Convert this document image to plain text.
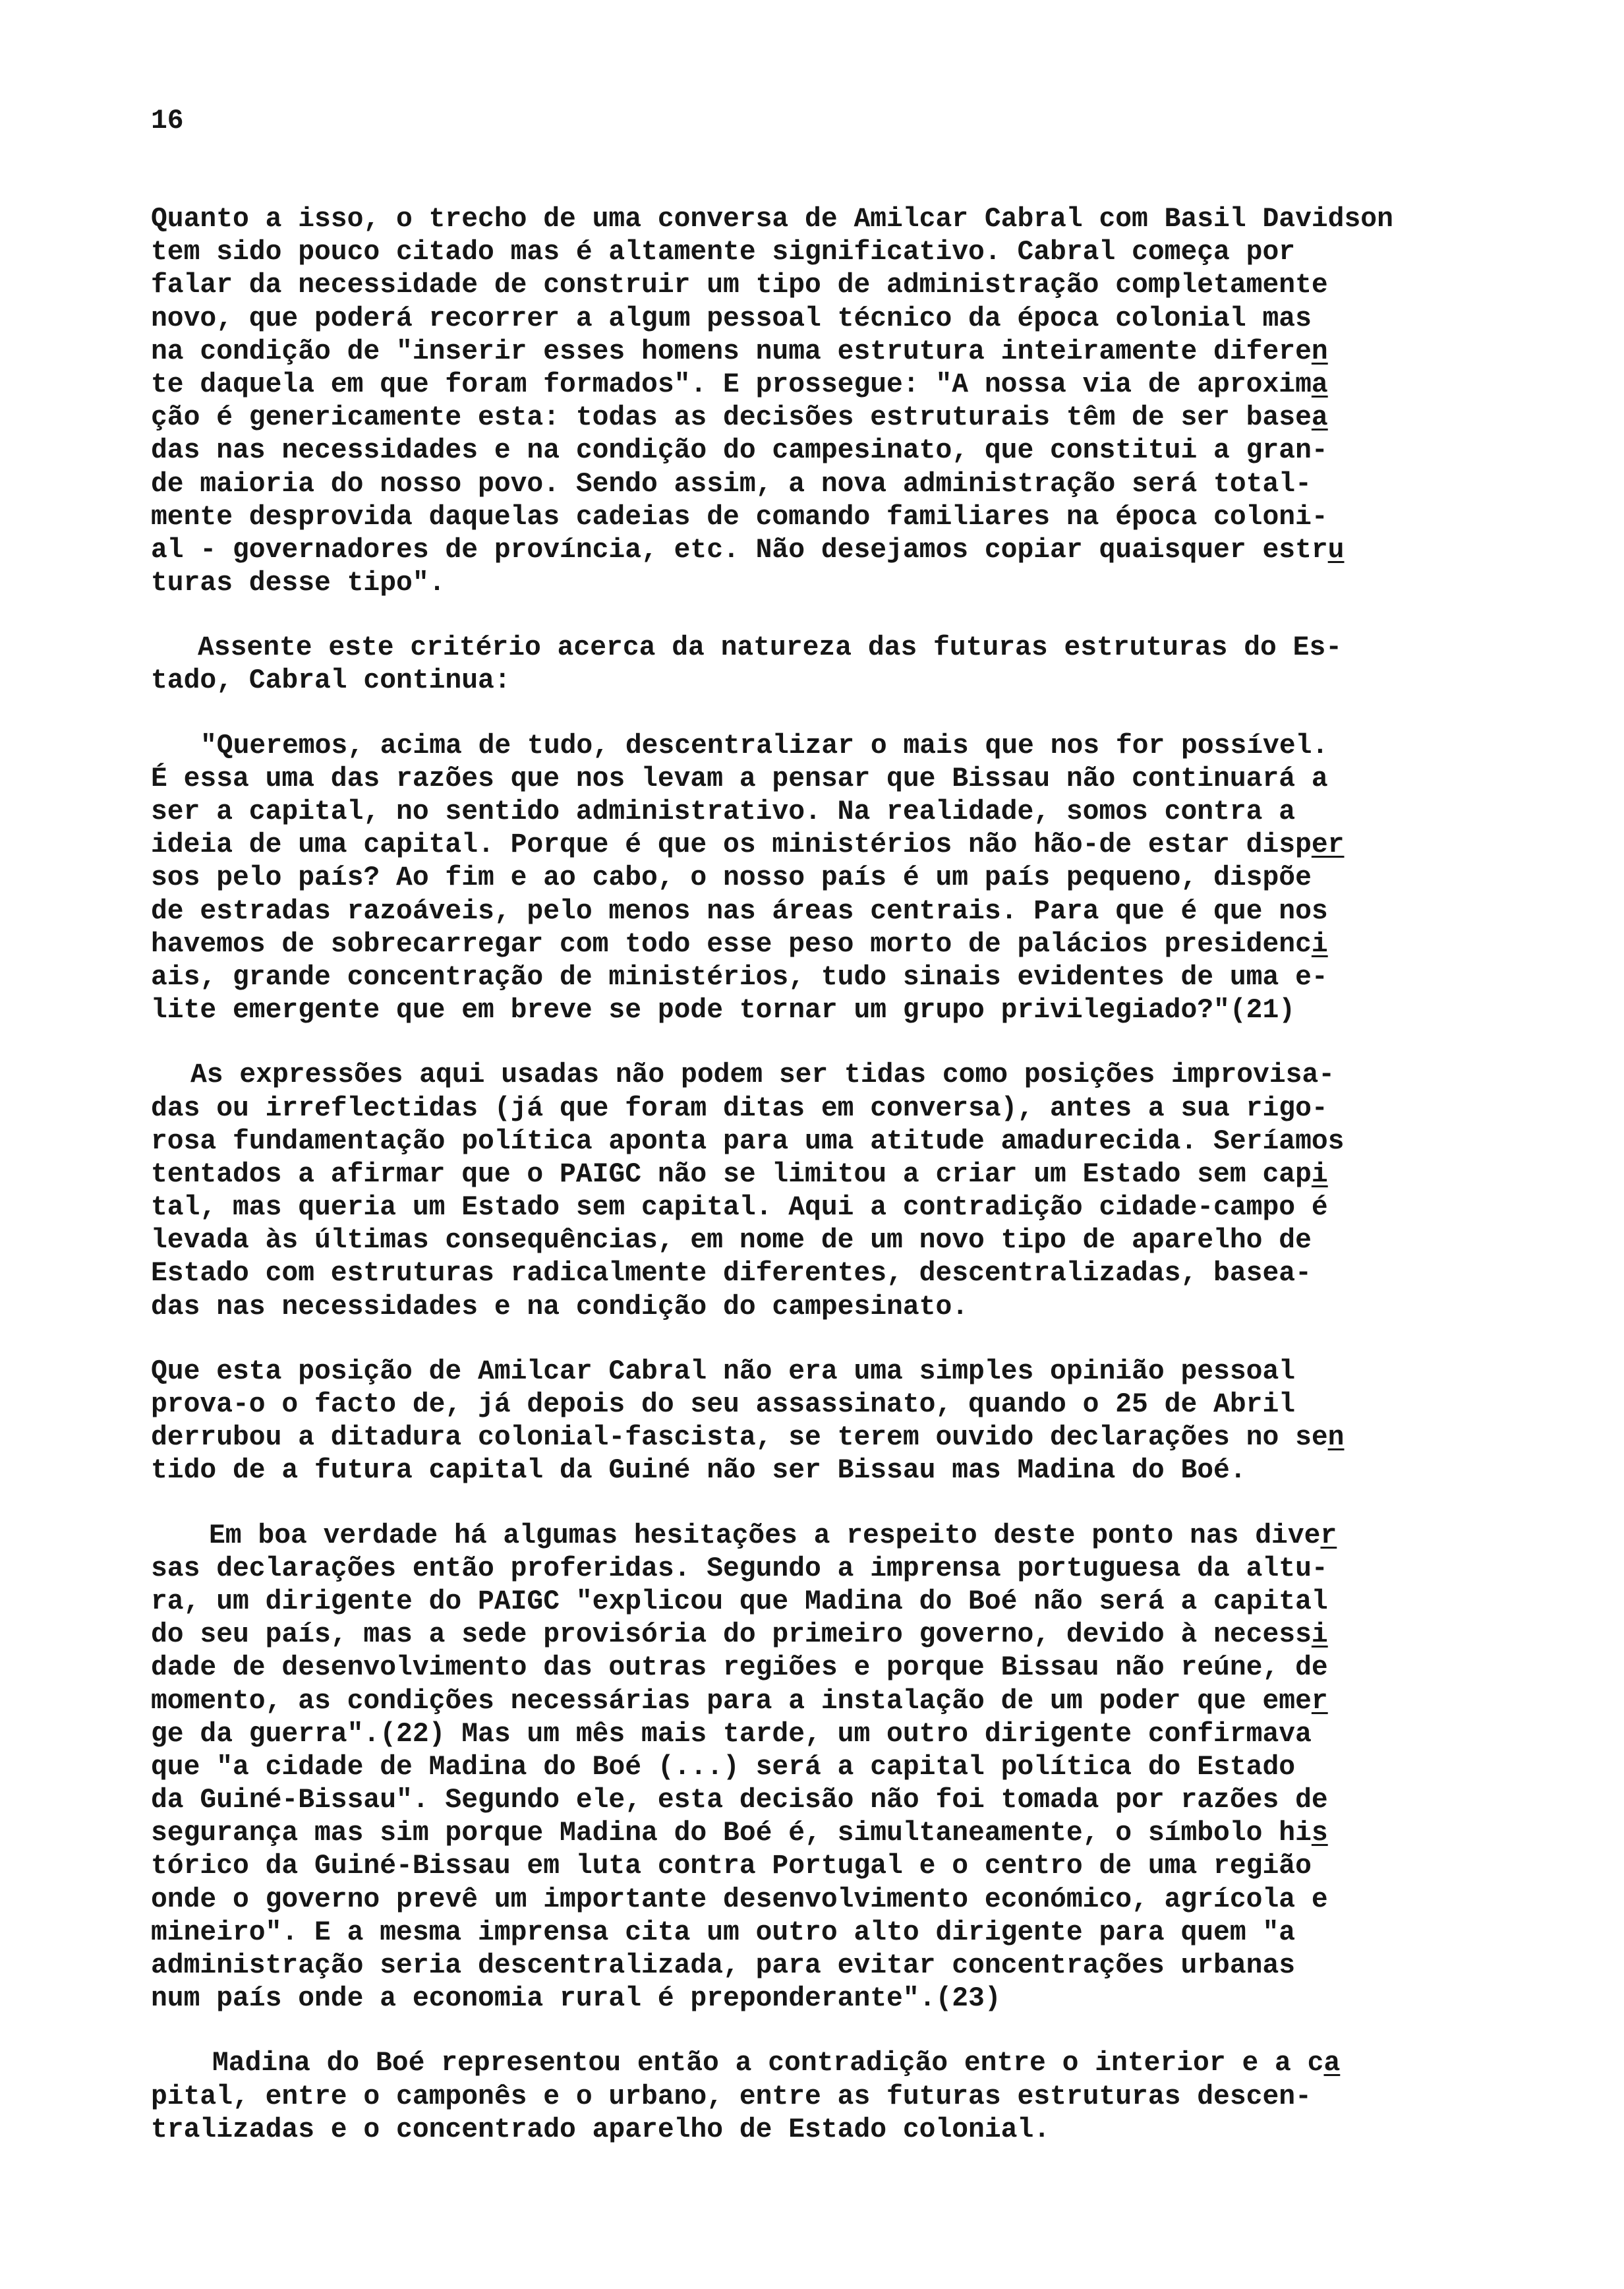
16
Quanto a isso, o trecho de uma conversa de Amilcar Cabral com Basil Davidson
tem sido pouco citado mas é altamente significativo. Cabral começa por
falar da necessidade de construir um tipo de administração completamente
novo, que poderá recorrer a algum pessoal técnico da época colonial mas
na condição de "inserir esses homens numa estrutura inteiramente diferen
te daquela em que foram formados". E prossegue: "A nossa via de aproxima
ção é genericamente esta: todas as decisões estruturais têm de ser basea
das nas necessidades e na condição do campesinato, que constitui a gran-
de maioria do nosso povo. Sendo assim, a nova administração será total-
mente desprovida daquelas cadeias de comando familiares na época coloni-
al - governadores de província, etc. Não desejamos copiar quaisquer estru
turas desse tipo".
Assente este critério acerca da natureza das futuras estruturas do Es-
tado, Cabral continua:
"Queremos, acima de tudo, descentralizar o mais que nos for possível.
É essa uma das razões que nos levam a pensar que Bissau não continuará a
ser a capital, no sentido administrativo. Na realidade, somos contra a
ideia de uma capital. Porque é que os ministérios não hão-de estar disper
sos pelo país? Ao fim e ao cabo, o nosso país é um país pequeno, dispõe
de estradas razoáveis, pelo menos nas áreas centrais. Para que é que nos
havemos de sobrecarregar com todo esse peso morto de palácios presidenci
ais, grande concentração de ministérios, tudo sinais evidentes de uma e-
lite emergente que em breve se pode tornar um grupo privilegiado?"(21)
As expressões aqui usadas não podem ser tidas como posições improvisa-
das ou irreflectidas (já que foram ditas em conversa), antes a sua rigo-
rosa fundamentação política aponta para uma atitude amadurecida. Seríamos
tentados a afirmar que o PAIGC não se limitou a criar um Estado sem capi
tal, mas queria um Estado sem capital. Aqui a contradição cidade-campo é
levada às últimas consequências, em nome de um novo tipo de aparelho de
Estado com estruturas radicalmente diferentes, descentralizadas, basea-
das nas necessidades e na condição do campesinato.
Que esta posição de Amilcar Cabral não era uma simples opinião pessoal
prova-o o facto de, já depois do seu assassinato, quando o 25 de Abril
derrubou a ditadura colonial-fascista, se terem ouvido declarações no sen
tido de a futura capital da Guiné não ser Bissau mas Madina do Boé.
Em boa verdade há algumas hesitações a respeito deste ponto nas diver
sas declarações então proferidas. Segundo a imprensa portuguesa da altu-
ra, um dirigente do PAIGC "explicou que Madina do Boé não será a capital
do seu país, mas a sede provisória do primeiro governo, devido à necessi
dade de desenvolvimento das outras regiões e porque Bissau não reúne, de
momento, as condições necessárias para a instalação de um poder que emer
ge da guerra".(22) Mas um mês mais tarde, um outro dirigente confirmava
que "a cidade de Madina do Boé (...) será a capital política do Estado
da Guiné-Bissau". Segundo ele, esta decisão não foi tomada por razões de
segurança mas sim porque Madina do Boé é, simultaneamente, o símbolo his
tórico da Guiné-Bissau em luta contra Portugal e o centro de uma região
onde o governo prevê um importante desenvolvimento económico, agrícola e
mineiro". E a mesma imprensa cita um outro alto dirigente para quem "a
administração seria descentralizada, para evitar concentrações urbanas
num país onde a economia rural é preponderante".(23)
Madina do Boé representou então a contradição entre o interior e a ca
pital, entre o camponês e o urbano, entre as futuras estruturas descen-
tralizadas e o concentrado aparelho de Estado colonial.
